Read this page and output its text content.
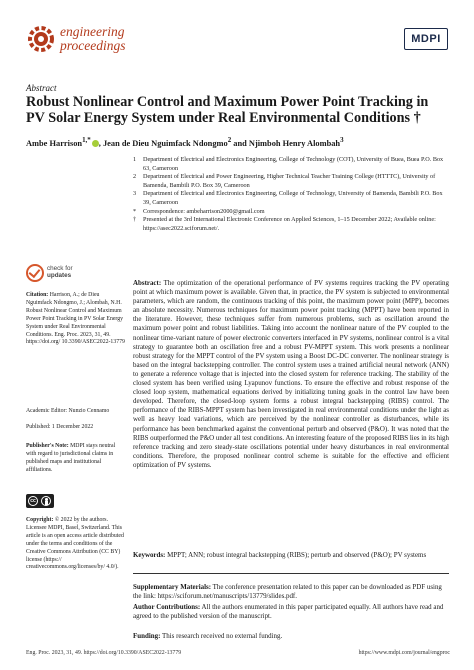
engineering
proceedings	MDPI
Abstract
Robust Nonlinear Control and Maximum Power Point Tracking in PV Solar Energy System under Real Environmental Conditions †
Ambe Harrison$^{1,*}$ , Jean de Dieu Nguimfack Ndongmo$^2$ and Njimboh Henry Alombah$^3$
1 Department of Electrical and Electronics Engineering, College of Technology (COT), University of Buea, Buea P.O. Box 63, Cameroon
2 Department of Electrical and Power Engineering, Higher Technical Teacher Training College (HTTTC), University of Bamenda, Bambili P.O. Box 39, Cameroon
3 Department of Electrical and Electronics Engineering, College of Technology, University of Bamenda, Bambili P.O. Box 39, Cameroon
* Correspondence: ambeharrison2000@gmail.com
† Presented at the 3rd International Electronic Conference on Applied Sciences, 1–15 December 2022; Available online: https://asec2022.sciforum.net/.
check for
updates
Citation: Harrison, A.; de Dieu Nguimfack Ndongmo, J.; Alombah, N.H. Robust Nonlinear Control and Maximum Power Point Tracking in PV Solar Energy System under Real Environmental Conditions. Eng. Proc. 2023, 31, 49. https://doi.org/ 10.3390/ASEC2022-13779
Academic Editor: Nunzio Cennamo
Published: 1 December 2022
Publisher's Note: MDPI stays neutral with regard to jurisdictional claims in published maps and institutional affiliations.
cc
Copyright: © 2022 by the authors. Licensee MDPI, Basel, Switzerland. This article is an open access article distributed under the terms and conditions of the Creative Commons Attribution (CC BY) license (https:// creativecommons.org/licenses/by/ 4.0/).
Abstract: The optimization of the operational performance of PV systems requires tracking the PV operating point at which maximum power is available. Given that, in practice, the PV system is subjected to environmental parameters, which are random, the continuous tracking of this point, the maximum power point (MPP), becomes an absolute necessity. Numerous techniques for maximum power point tracking (MPPT) have been reported in the literature. However, these techniques suffer from numerous problems, such as oscillation around the maximum power point and robust liabilities. Taking into account the nonlinear nature of the PV coupled to the nonlinear time-variant nature of power electronic converters interfaced in PV systems, nonlinear control is a vital strategy to guarantee both an oscillation free and a robust PV-MPPT system. This work presents a nonlinear robust strategy for the MPPT control of the PV system using a Boost DC-DC converter. The nonlinear strategy is based on the integral backstepping controller. The control system uses a trained artificial neural network (ANN) to generate a reference voltage that is injected into the closed system for reference tracking. The stability of the closed system has been verified using Lyapunov functions. To ensure the effective and robust response of the closed loop system, mathematical equations derived by initializing tuning goals in the control law have been developed. Therefore, the closed-loop system forms a robust integral backstepping (RIBS) control. The performance of the RIBS-MPPT system has been investigated in real environmental conditions under the light as well as heavy load variations, which are perceived by the nonlinear controller as disturbances, while its performance has been benchmarked against the conventional perturb and observed (P&O). It was noted that the RIBS outperformed the P&O under all test conditions. An interesting feature of the proposed RIBS lies in its high reference tracking and zero steady-state oscillations potential under heavy disturbances in real environmental conditions. Therefore, the proposed nonlinear control scheme is suitable for the effective and efficient optimization of PV systems.
Keywords: MPPT; ANN; robust integral backstepping (RIBS); perturb and observed (P&O); PV systems
Supplementary Materials: The conference presentation related to this paper can be downloaded as PDF using the link: https://sciforum.net/manuscripts/13779/slides.pdf.
Author Contributions: All the authors enumerated in this paper participated equally. All authors have read and agreed to the published version of the manuscript.
Funding: This research received no external funding.
Eng. Proc. 2023, 31, 49. https://doi.org/10.3390/ASEC2022-13779	https://www.mdpi.com/journal/engproc
